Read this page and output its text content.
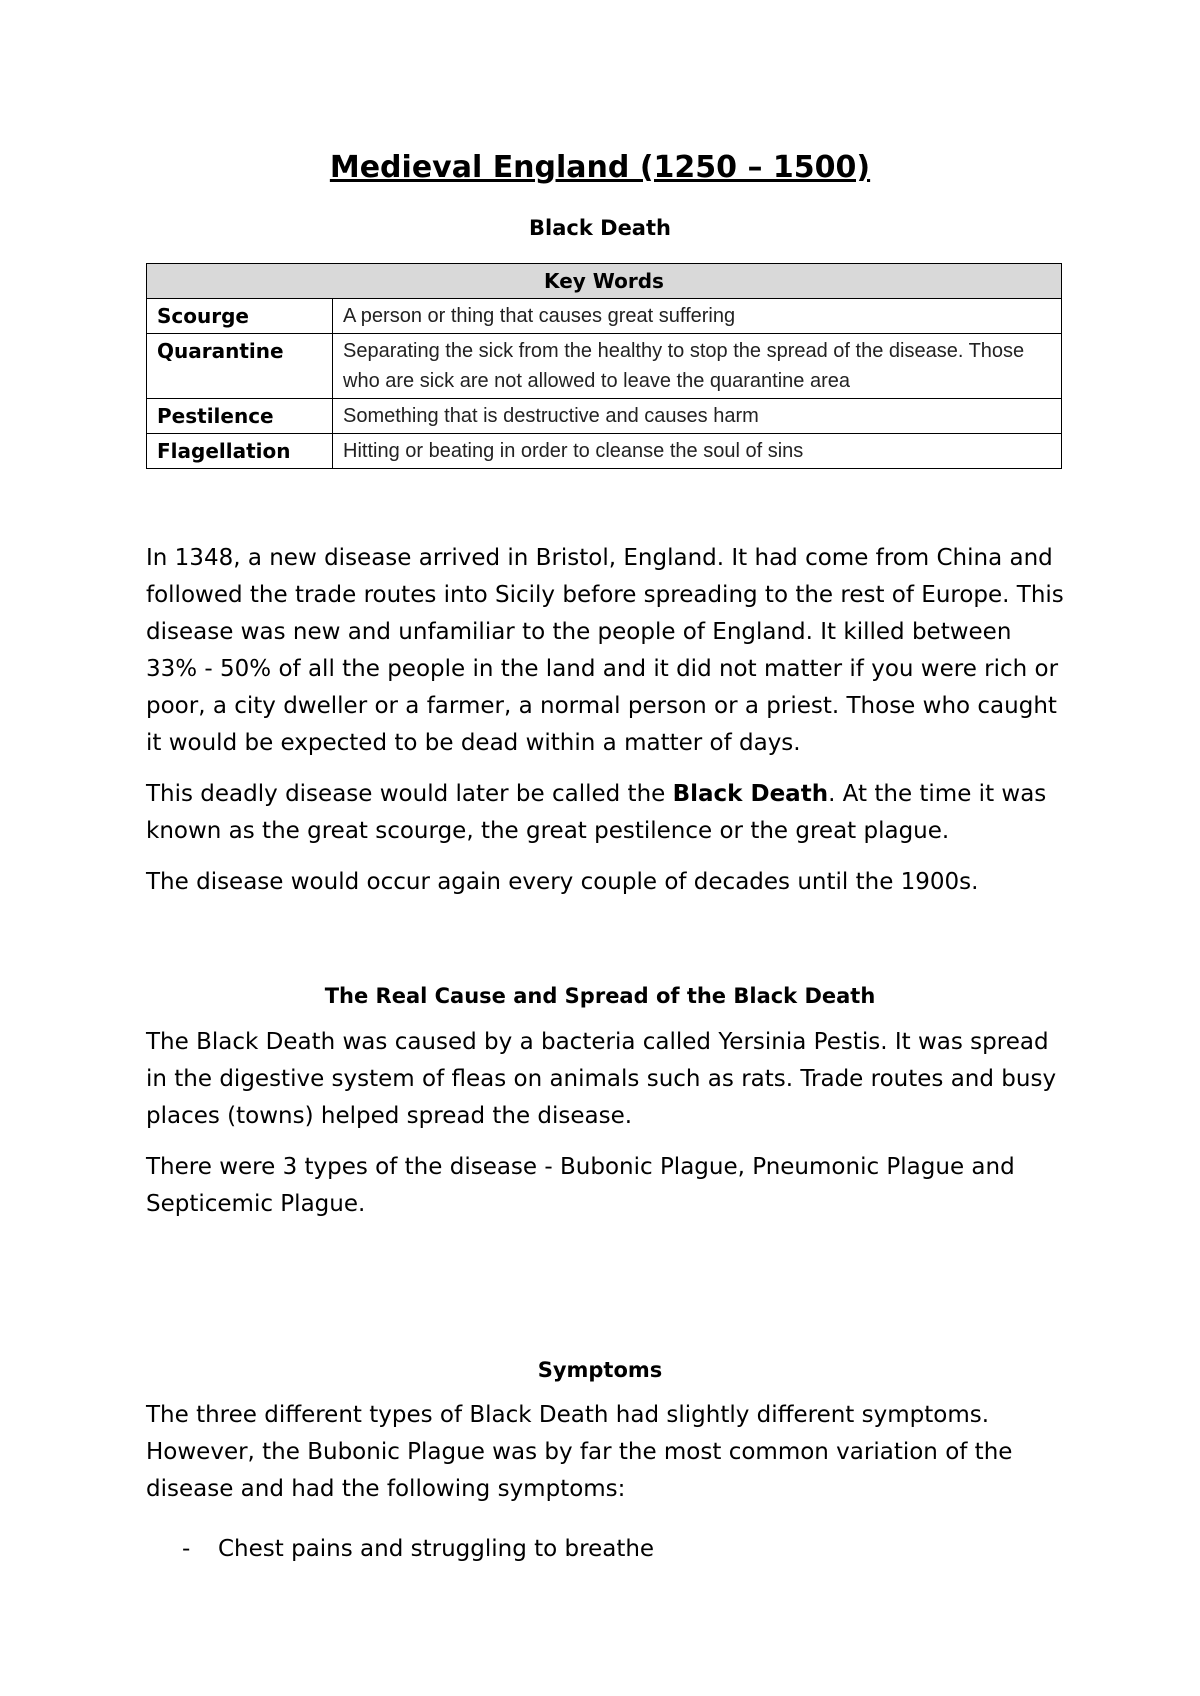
Medieval England (1250 – 1500)
Black Death
Key Words	
Scourge	A person or thing that causes great suffering
Quarantine	Separating the sick from the healthy to stop the spread of the disease. Those who are sick are not allowed to leave the quarantine area
Pestilence	Something that is destructive and causes harm
Flagellation	Hitting or beating in order to cleanse the soul of sins

In 1348, a new disease arrived in Bristol, England. It had come from China and followed the trade routes into Sicily before spreading to the rest of Europe. This disease was new and unfamiliar to the people of England. It killed between 33% - 50% of all the people in the land and it did not matter if you were rich or poor, a city dweller or a farmer, a normal person or a priest. Those who caught it would be expected to be dead within a matter of days.

This deadly disease would later be called the Black Death. At the time it was known as the great scourge, the great pestilence or the great plague.

The disease would occur again every couple of decades until the 1900s.

The Real Cause and Spread of the Black Death

The Black Death was caused by a bacteria called Yersinia Pestis. It was spread in the digestive system of fleas on animals such as rats. Trade routes and busy places (towns) helped spread the disease.

There were 3 types of the disease - Bubonic Plague, Pneumonic Plague and Septicemic Plague.

Symptoms

The three different types of Black Death had slightly different symptoms. However, the Bubonic Plague was by far the most common variation of the disease and had the following symptoms:

- Chest pains and struggling to breathe
